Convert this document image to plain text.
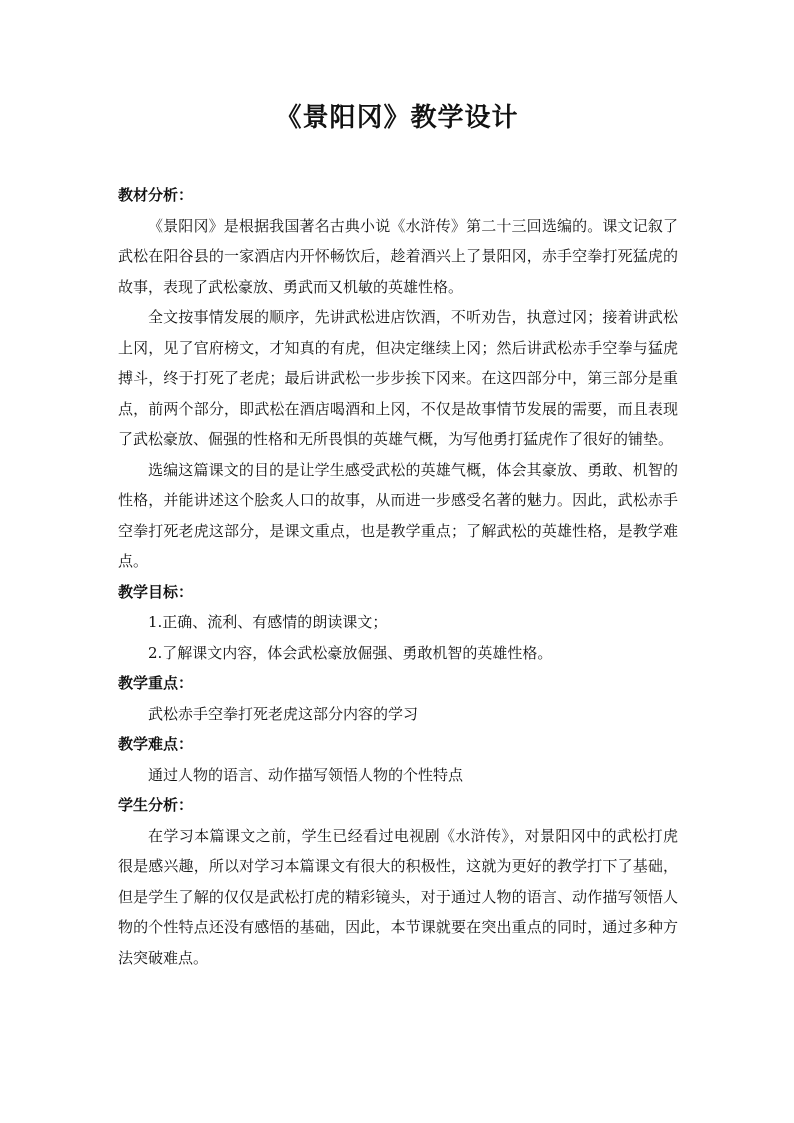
《景阳冈》教学设计

教材分析：

《景阳冈》是根据我国著名古典小说《水浒传》第二十三回选编的。课文记叙了武松在阳谷县的一家酒店内开怀畅饮后，趁着酒兴上了景阳冈，赤手空拳打死猛虎的故事，表现了武松豪放、勇武而又机敏的英雄性格。

全文按事情发展的顺序，先讲武松进店饮酒，不听劝告，执意过冈；接着讲武松上冈，见了官府榜文，才知真的有虎，但决定继续上冈；然后讲武松赤手空拳与猛虎搏斗，终于打死了老虎；最后讲武松一步步挨下冈来。在这四部分中，第三部分是重点，前两个部分，即武松在酒店喝酒和上冈，不仅是故事情节发展的需要，而且表现了武松豪放、倔强的性格和无所畏惧的英雄气概，为写他勇打猛虎作了很好的铺垫。

选编这篇课文的目的是让学生感受武松的英雄气概，体会其豪放、勇敢、机智的性格，并能讲述这个脍炙人口的故事，从而进一步感受名著的魅力。因此，武松赤手空拳打死老虎这部分，是课文重点，也是教学重点；了解武松的英雄性格，是教学难点。

教学目标：

1.正确、流利、有感情的朗读课文；

2.了解课文内容，体会武松豪放倔强、勇敢机智的英雄性格。

教学重点：

武松赤手空拳打死老虎这部分内容的学习

教学难点：

通过人物的语言、动作描写领悟人物的个性特点

学生分析：

在学习本篇课文之前，学生已经看过电视剧《水浒传》，对景阳冈中的武松打虎很是感兴趣，所以对学习本篇课文有很大的积极性，这就为更好的教学打下了基础，但是学生了解的仅仅是武松打虎的精彩镜头，对于通过人物的语言、动作描写领悟人物的个性特点还没有感悟的基础，因此，本节课就要在突出重点的同时，通过多种方法突破难点。
